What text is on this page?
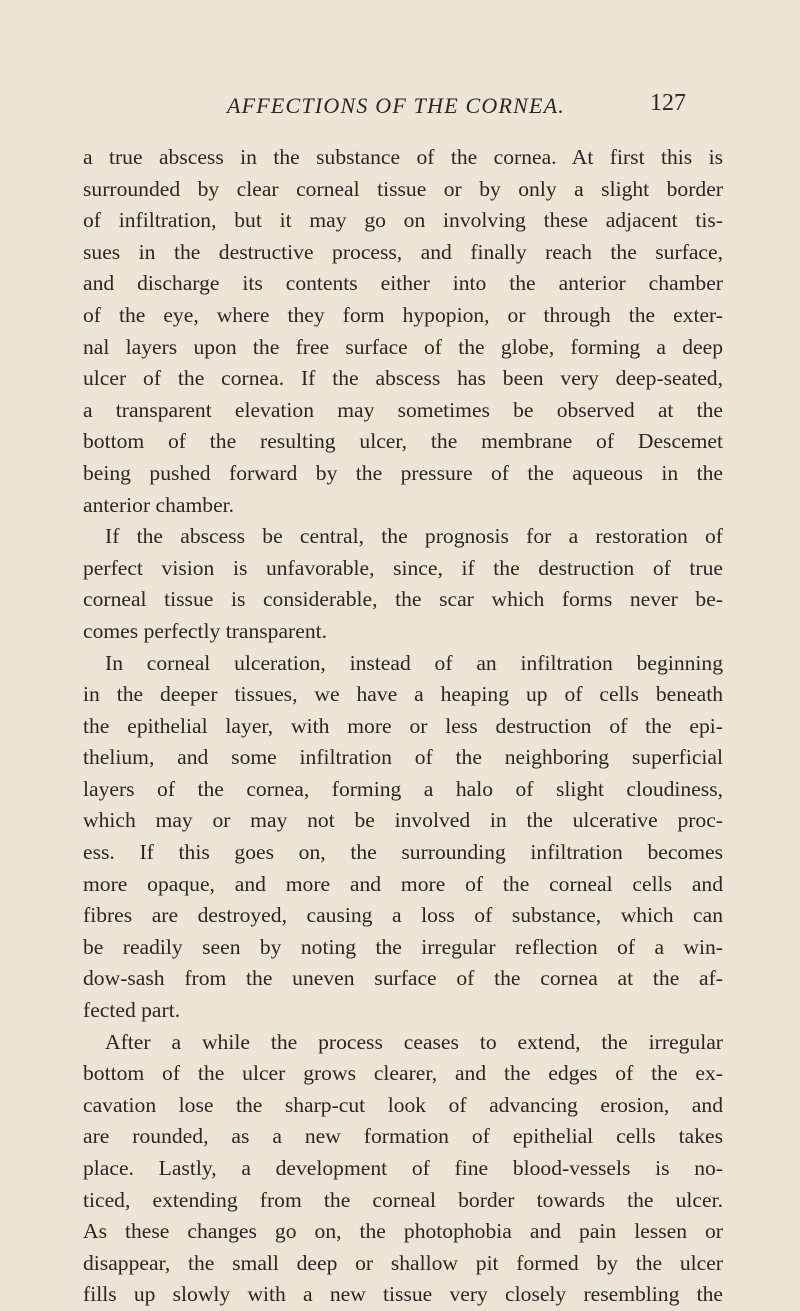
AFFECTIONS OF THE CORNEA.	127
a true abscess in the substance of the cornea. At first this is
surrounded by clear corneal tissue or by only a slight border
of infiltration, but it may go on involving these adjacent tis-
sues in the destructive process, and finally reach the surface,
and discharge its contents either into the anterior chamber
of the eye, where they form hypopion, or through the exter-
nal layers upon the free surface of the globe, forming a deep
ulcer of the cornea. If the abscess has been very deep-seated,
a transparent elevation may sometimes be observed at the
bottom of the resulting ulcer, the membrane of Descemet
being pushed forward by the pressure of the aqueous in the
anterior chamber.
If the abscess be central, the prognosis for a restoration of
perfect vision is unfavorable, since, if the destruction of true
corneal tissue is considerable, the scar which forms never be-
comes perfectly transparent.
In corneal ulceration, instead of an infiltration beginning
in the deeper tissues, we have a heaping up of cells beneath
the epithelial layer, with more or less destruction of the epi-
thelium, and some infiltration of the neighboring superficial
layers of the cornea, forming a halo of slight cloudiness,
which may or may not be involved in the ulcerative proc-
ess. If this goes on, the surrounding infiltration becomes
more opaque, and more and more of the corneal cells and
fibres are destroyed, causing a loss of substance, which can
be readily seen by noting the irregular reflection of a win-
dow-sash from the uneven surface of the cornea at the af-
fected part.
After a while the process ceases to extend, the irregular
bottom of the ulcer grows clearer, and the edges of the ex-
cavation lose the sharp-cut look of advancing erosion, and
are rounded, as a new formation of epithelial cells takes
place. Lastly, a development of fine blood-vessels is no-
ticed, extending from the corneal border towards the ulcer.
As these changes go on, the photophobia and pain lessen or
disappear, the small deep or shallow pit formed by the ulcer
fills up slowly with a new tissue very closely resembling the
